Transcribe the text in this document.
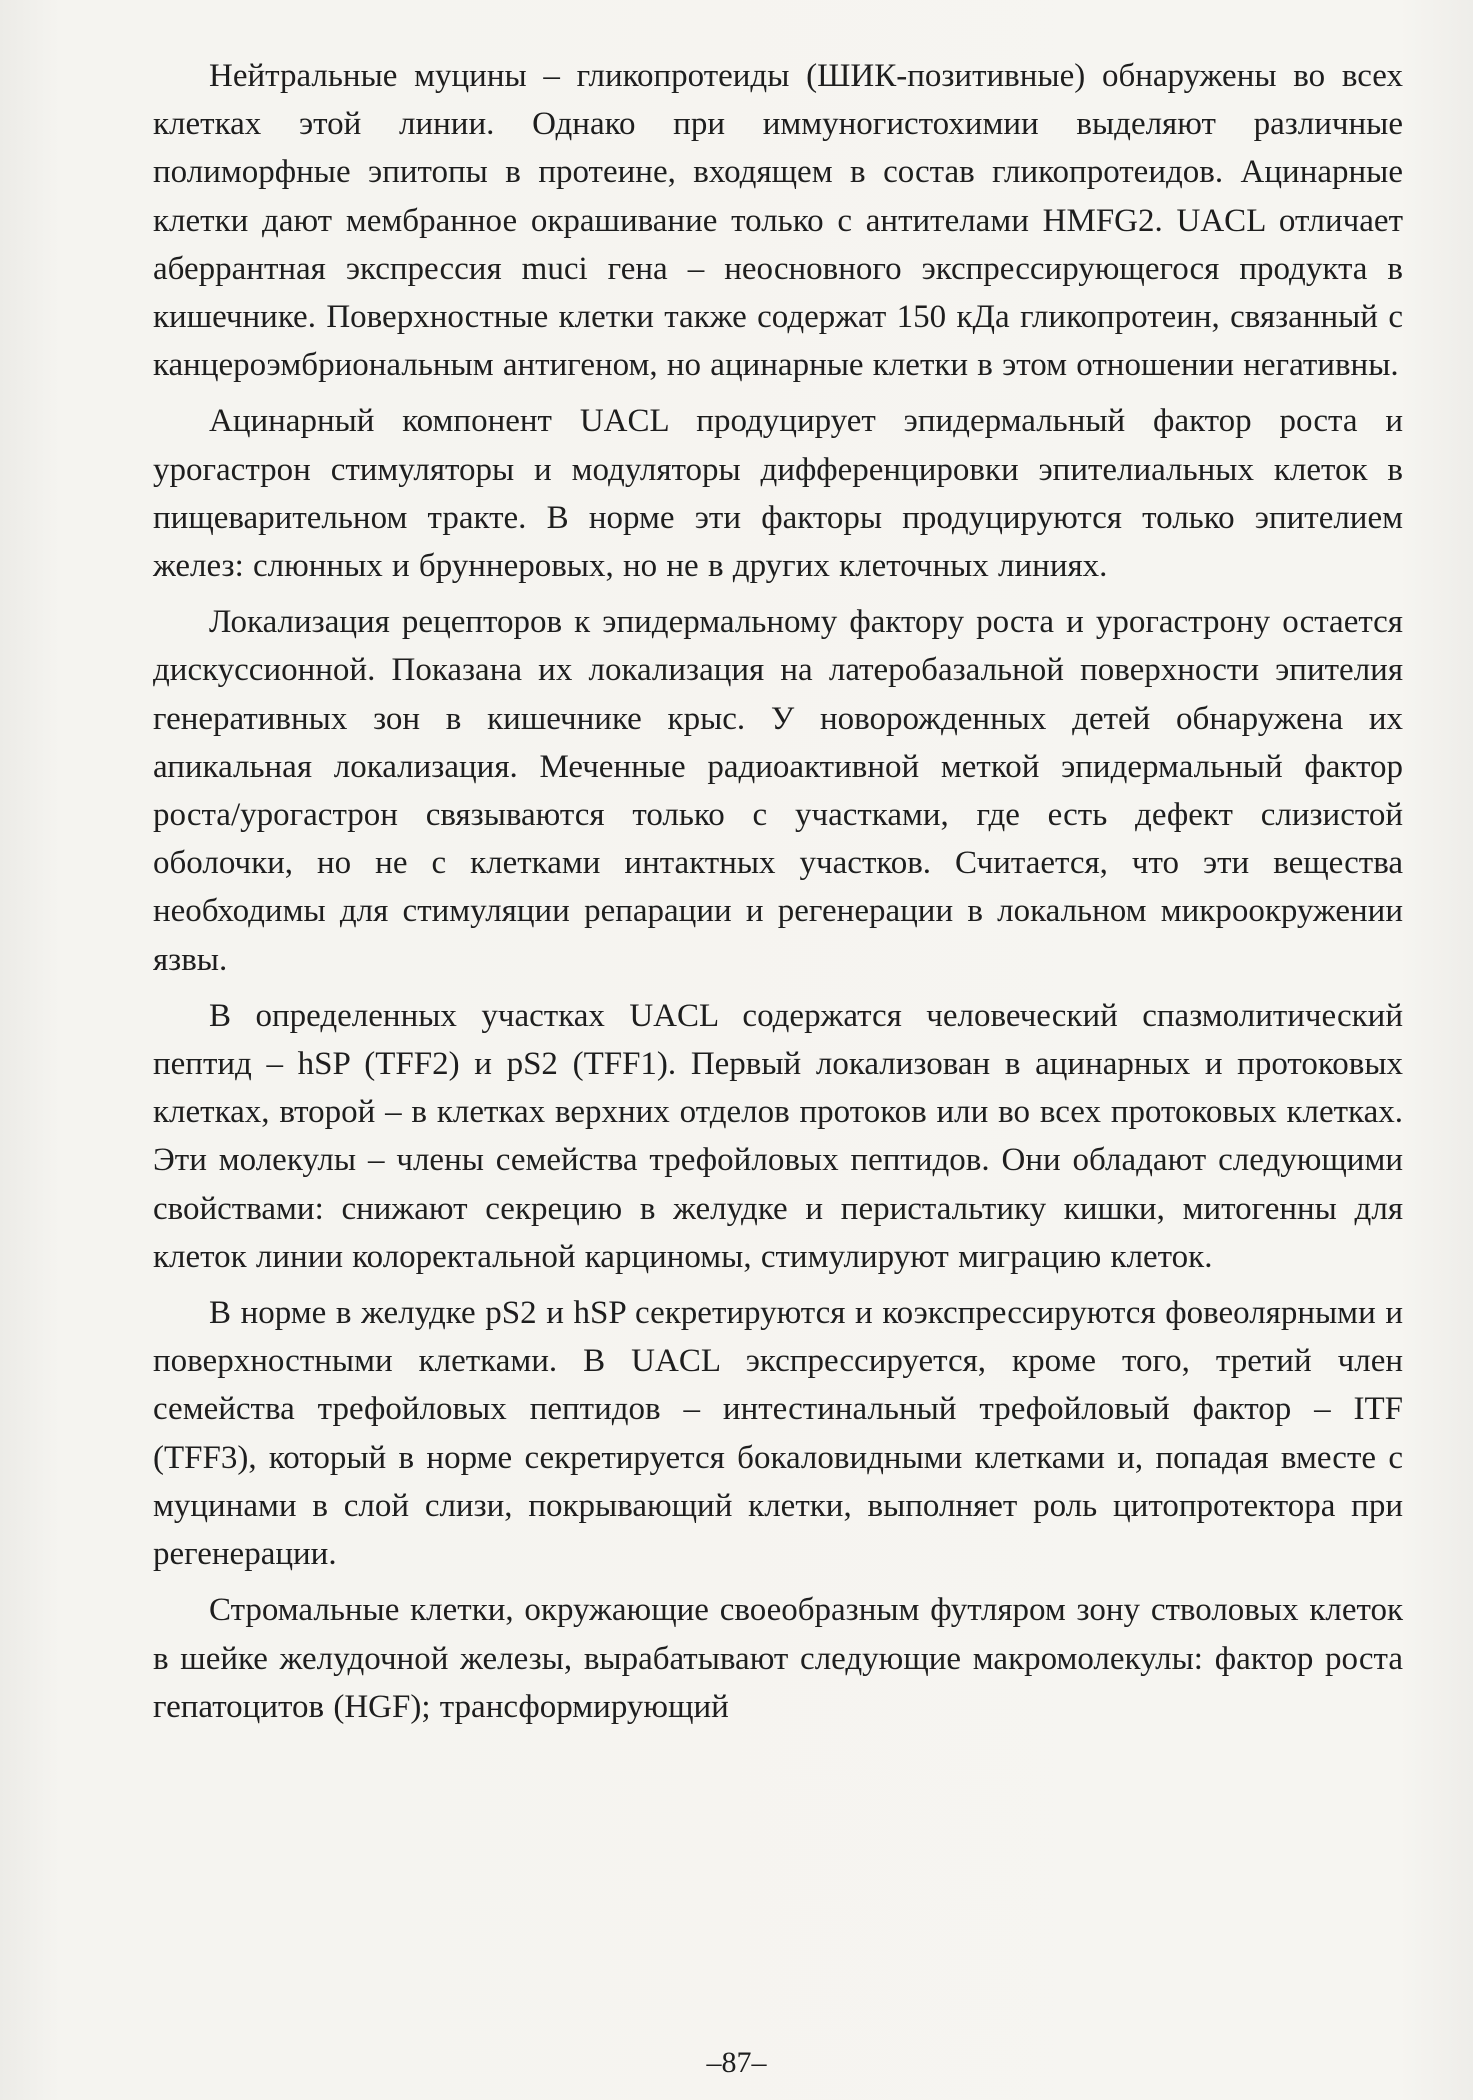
Нейтральные муцины – гликопротеиды (ШИК-позитивные) обнаружены во всех клетках этой линии. Однако при иммуногистохимии выделяют различные полиморфные эпитопы в протеине, входящем в состав гликопротеидов. Ацинарные клетки дают мембранное окрашивание только с антителами HMFG2. UACL отличает аберрантная экспрессия muci гена – неосновного экспрессирующегося продукта в кишечнике. Поверхностные клетки также содержат 150 кДа гликопротеин, связанный с канцероэмбриональным антигеном, но ацинарные клетки в этом отношении негативны.

Ацинарный компонент UACL продуцирует эпидермальный фактор роста и урогастрон стимуляторы и модуляторы дифференцировки эпителиальных клеток в пищеварительном тракте. В норме эти факторы продуцируются только эпителием желез: слюнных и бруннеровых, но не в других клеточных линиях.

Локализация рецепторов к эпидермальному фактору роста и урогастрону остается дискуссионной. Показана их локализация на латеробазальной поверхности эпителия генеративных зон в кишечнике крыс. У новорожденных детей обнаружена их апикальная локализация. Меченные радиоактивной меткой эпидермальный фактор роста/урогастрон связываются только с участками, где есть дефект слизистой оболочки, но не с клетками интактных участков. Считается, что эти вещества необходимы для стимуляции репарации и регенерации в локальном микроокружении язвы.

В определенных участках UACL содержатся человеческий спазмолитический пептид – hSP (TFF2) и pS2 (TFF1). Первый локализован в ацинарных и протоковых клетках, второй – в клетках верхних отделов протоков или во всех протоковых клетках. Эти молекулы – члены семейства трефойловых пептидов. Они обладают следующими свойствами: снижают секрецию в желудке и перистальтику кишки, митогенны для клеток линии колоректальной карциномы, стимулируют миграцию клеток.

В норме в желудке pS2 и hSP секретируются и коэкспрессируются фовеолярными и поверхностными клетками. В UACL экспрессируется, кроме того, третий член семейства трефойловых пептидов – интестинальный трефойловый фактор – ITF (TFF3), который в норме секретируется бокаловидными клетками и, попадая вместе с муцинами в слой слизи, покрывающий клетки, выполняет роль цитопротектора при регенерации.

Стромальные клетки, окружающие своеобразным футляром зону стволовых клеток в шейке желудочной железы, вырабатывают следующие макромолекулы: фактор роста гепатоцитов (HGF); трансформирующий

–87–
